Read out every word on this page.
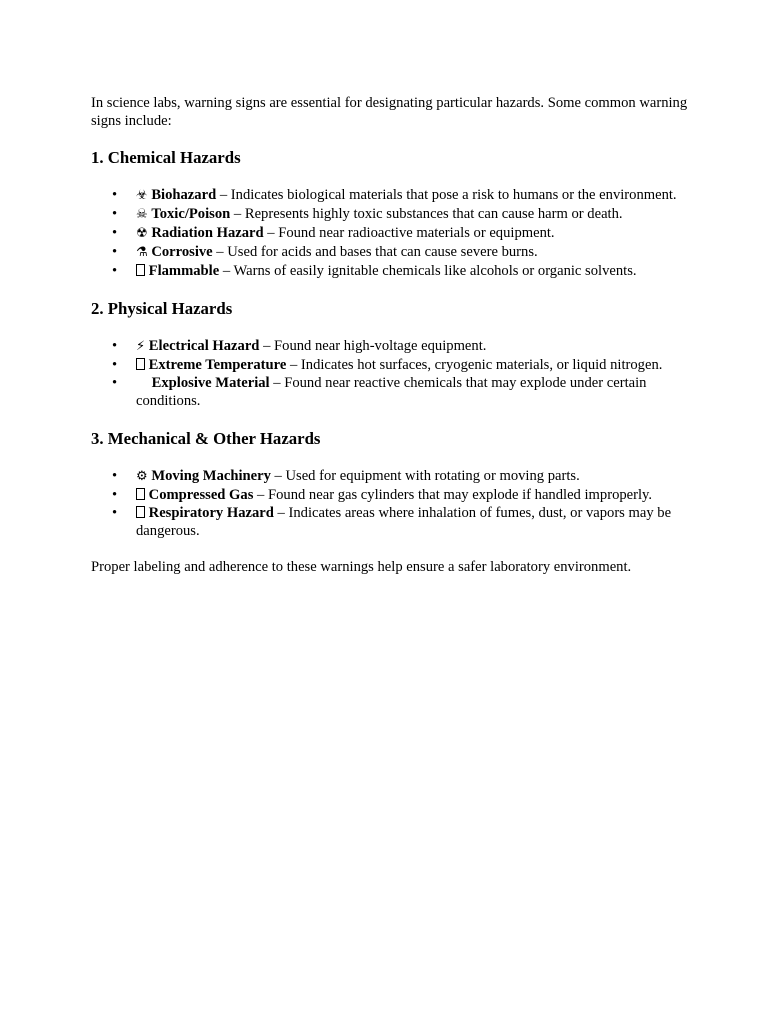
In science labs, warning signs are essential for designating particular hazards. Some common warning signs include:

1. Chemical Hazards
• ☣ Biohazard – Indicates biological materials that pose a risk to humans or the environment.
• ☠ Toxic/Poison – Represents highly toxic substances that can cause harm or death.
• ☢ Radiation Hazard – Found near radioactive materials or equipment.
• ⚗ Corrosive – Used for acids and bases that can cause severe burns.
• Flammable – Warns of easily ignitable chemicals like alcohols or organic solvents.
2. Physical Hazards
• ⚡ Electrical Hazard – Found near high-voltage equipment.
• Extreme Temperature – Indicates hot surfaces, cryogenic materials, or liquid nitrogen.
• Explosive Material – Found near reactive chemicals that may explode under certain conditions.
3. Mechanical & Other Hazards
• ⚙ Moving Machinery – Used for equipment with rotating or moving parts.
• Compressed Gas – Found near gas cylinders that may explode if handled improperly.
• Respiratory Hazard – Indicates areas where inhalation of fumes, dust, or vapors may be dangerous.

Proper labeling and adherence to these warnings help ensure a safer laboratory environment.
